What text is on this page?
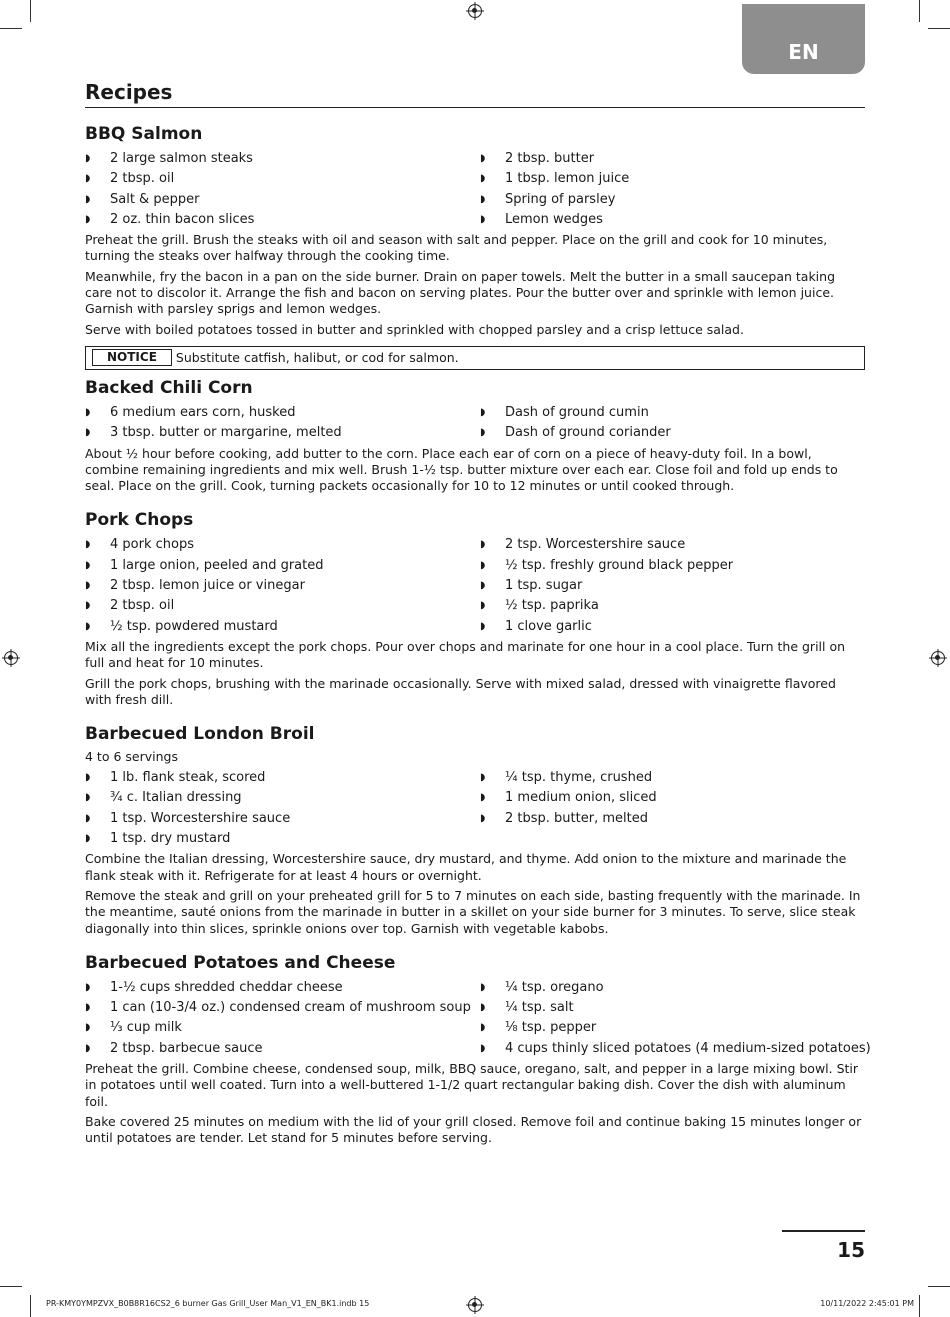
EN
Recipes
BBQ Salmon
◗ 2 large salmon steaks
◗ 2 tbsp. oil
◗ Salt & pepper
◗ 2 oz. thin bacon slices
◗ 2 tbsp. butter
◗ 1 tbsp. lemon juice
◗ Spring of parsley
◗ Lemon wedges

Preheat the grill. Brush the steaks with oil and season with salt and pepper. Place on the grill and cook for 10 minutes, turning the steaks over halfway through the cooking time.

Meanwhile, fry the bacon in a pan on the side burner. Drain on paper towels. Melt the butter in a small saucepan taking care not to discolor it. Arrange the fish and bacon on serving plates. Pour the butter over and sprinkle with lemon juice. Garnish with parsley sprigs and lemon wedges.

Serve with boiled potatoes tossed in butter and sprinkled with chopped parsley and a crisp lettuce salad.

NOTICE	Substitute catfish, halibut, or cod for salmon.
Backed Chili Corn
◗ 6 medium ears corn, husked
◗ 3 tbsp. butter or margarine, melted
◗ Dash of ground cumin
◗ Dash of ground coriander

About ½ hour before cooking, add butter to the corn. Place each ear of corn on a piece of heavy-duty foil. In a bowl, combine remaining ingredients and mix well. Brush 1-½ tsp. butter mixture over each ear. Close foil and fold up ends to seal. Place on the grill. Cook, turning packets occasionally for 10 to 12 minutes or until cooked through.

Pork Chops
◗ 4 pork chops
◗ 1 large onion, peeled and grated
◗ 2 tbsp. lemon juice or vinegar
◗ 2 tbsp. oil
◗ ½ tsp. powdered mustard
◗ 2 tsp. Worcestershire sauce
◗ ½ tsp. freshly ground black pepper
◗ 1 tsp. sugar
◗ ½ tsp. paprika
◗ 1 clove garlic

Mix all the ingredients except the pork chops. Pour over chops and marinate for one hour in a cool place. Turn the grill on full and heat for 10 minutes.

Grill the pork chops, brushing with the marinade occasionally. Serve with mixed salad, dressed with vinaigrette flavored with fresh dill.

Barbecued London Broil
4 to 6 servings
◗ 1 lb. flank steak, scored
◗ ¾ c. Italian dressing
◗ 1 tsp. Worcestershire sauce
◗ 1 tsp. dry mustard
◗ ¼ tsp. thyme, crushed
◗ 1 medium onion, sliced
◗ 2 tbsp. butter, melted

Combine the Italian dressing, Worcestershire sauce, dry mustard, and thyme. Add onion to the mixture and marinade the flank steak with it. Refrigerate for at least 4 hours or overnight.

Remove the steak and grill on your preheated grill for 5 to 7 minutes on each side, basting frequently with the marinade. In the meantime, sauté onions from the marinade in butter in a skillet on your side burner for 3 minutes. To serve, slice steak diagonally into thin slices, sprinkle onions over top. Garnish with vegetable kabobs.

Barbecued Potatoes and Cheese
◗ 1-½ cups shredded cheddar cheese
◗ 1 can (10-3/4 oz.) condensed cream of mushroom soup
◗ ⅓ cup milk
◗ 2 tbsp. barbecue sauce
◗ ¼ tsp. oregano
◗ ¼ tsp. salt
◗ ⅛ tsp. pepper
◗ 4 cups thinly sliced potatoes (4 medium-sized potatoes)

Preheat the grill. Combine cheese, condensed soup, milk, BBQ sauce, oregano, salt, and pepper in a large mixing bowl. Stir in potatoes until well coated. Turn into a well-buttered 1-1/2 quart rectangular baking dish. Cover the dish with aluminum foil.

Bake covered 25 minutes on medium with the lid of your grill closed. Remove foil and continue baking 15 minutes longer or until potatoes are tender. Let stand for 5 minutes before serving.

15
PR-KMY0YMPZVX_B0B8R16CS2_6 burner Gas Grill_User Man_V1_EN_BK1.indb 15	10/11/2022 2:45:01 PM
